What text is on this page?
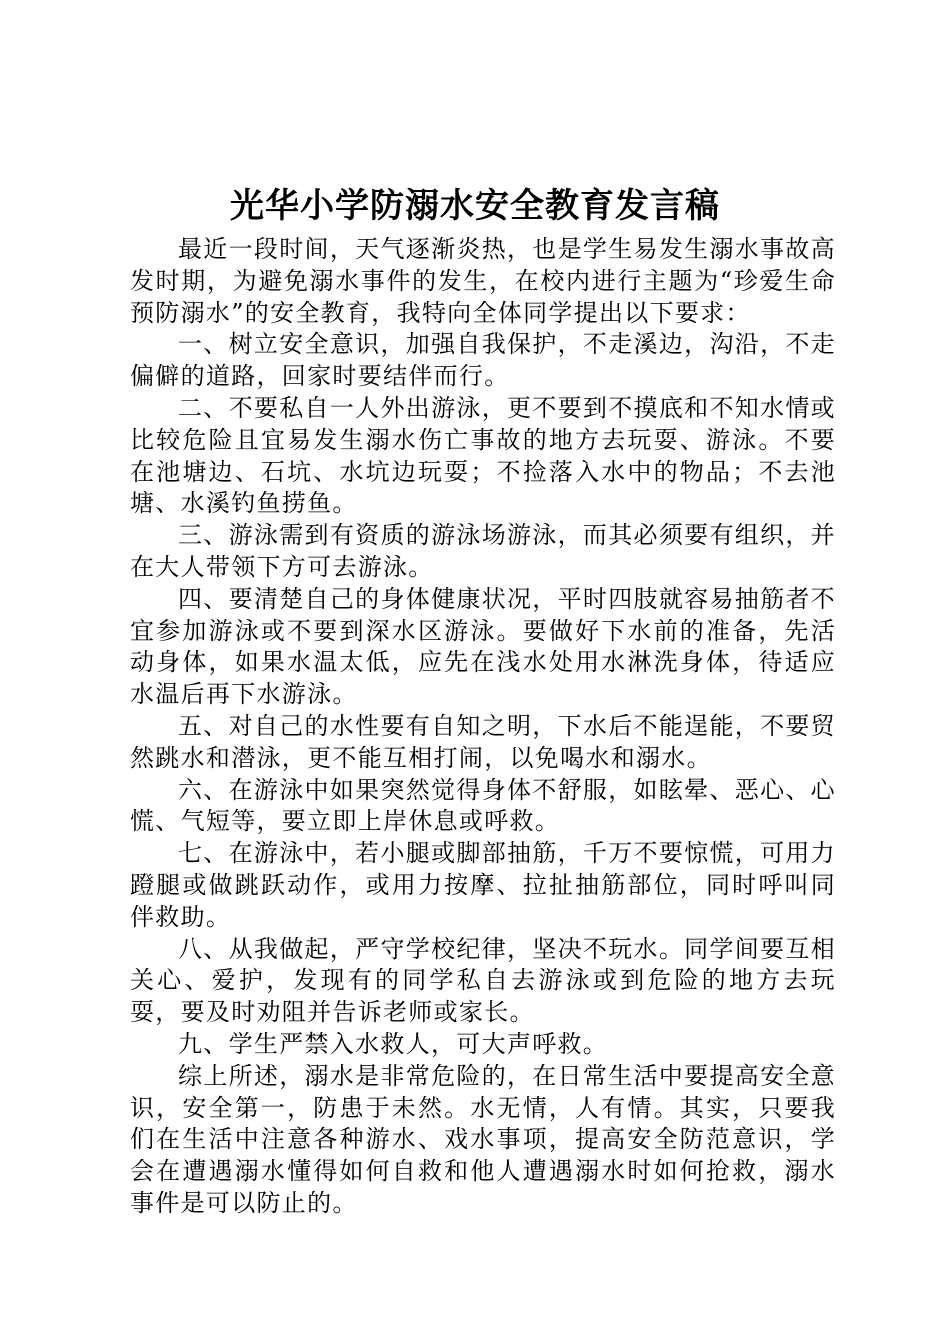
光华小学防溺水安全教育发言稿

最近一段时间，天气逐渐炎热，也是学生易发生溺水事故高发时期，为避免溺水事件的发生，在校内进行主题为“珍爱生命预防溺水”的安全教育，我特向全体同学提出以下要求：

一、树立安全意识，加强自我保护，不走溪边，沟沿，不走偏僻的道路，回家时要结伴而行。

二、不要私自一人外出游泳，更不要到不摸底和不知水情或比较危险且宜易发生溺水伤亡事故的地方去玩耍、游泳。不要在池塘边、石坑、水坑边玩耍；不捡落入水中的物品；不去池塘、水溪钓鱼捞鱼。

三、游泳需到有资质的游泳场游泳，而其必须要有组织，并在大人带领下方可去游泳。

四、要清楚自己的身体健康状况，平时四肢就容易抽筋者不宜参加游泳或不要到深水区游泳。要做好下水前的准备，先活动身体，如果水温太低，应先在浅水处用水淋洗身体，待适应水温后再下水游泳。

五、对自己的水性要有自知之明，下水后不能逞能，不要贸然跳水和潜泳，更不能互相打闹，以免喝水和溺水。

六、在游泳中如果突然觉得身体不舒服，如眩晕、恶心、心慌、气短等，要立即上岸休息或呼救。

七、在游泳中，若小腿或脚部抽筋，千万不要惊慌，可用力蹬腿或做跳跃动作，或用力按摩、拉扯抽筋部位，同时呼叫同伴救助。

八、从我做起，严守学校纪律，坚决不玩水。同学间要互相关心、爱护，发现有的同学私自去游泳或到危险的地方去玩耍，要及时劝阻并告诉老师或家长。

九、学生严禁入水救人，可大声呼救。

综上所述，溺水是非常危险的，在日常生活中要提高安全意识，安全第一，防患于未然。水无情，人有情。其实，只要我们在生活中注意各种游水、戏水事项，提高安全防范意识，学会在遭遇溺水懂得如何自救和他人遭遇溺水时如何抢救，溺水事件是可以防止的。
